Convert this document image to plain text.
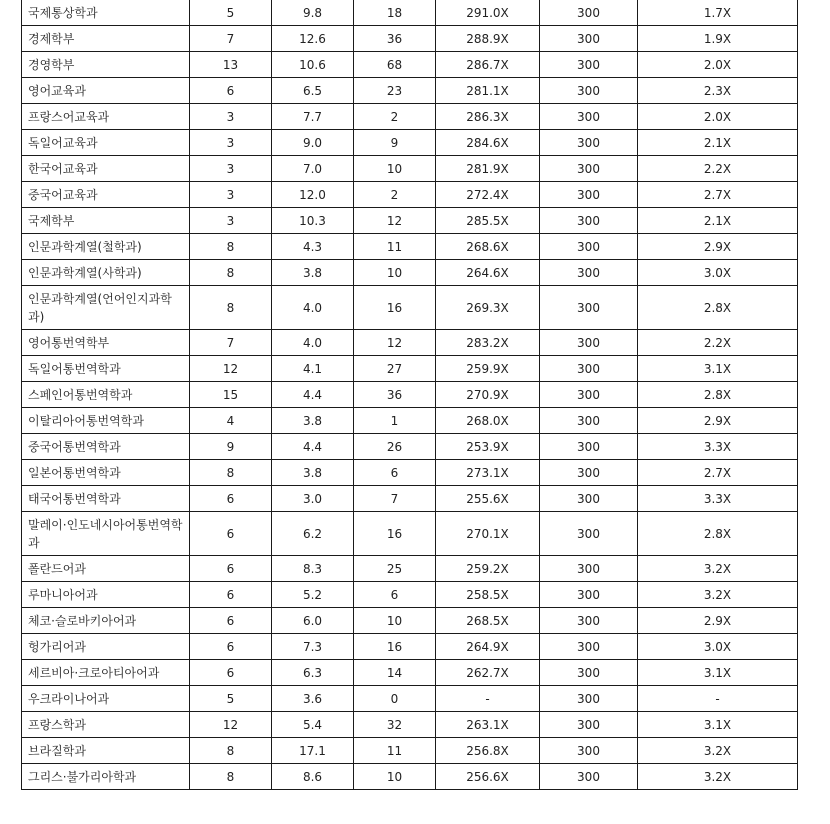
국제통상학과	5	9.8	18	291.0X	300	1.7X
경제학부	7	12.6	36	288.9X	300	1.9X
경영학부	13	10.6	68	286.7X	300	2.0X
영어교육과	6	6.5	23	281.1X	300	2.3X
프랑스어교육과	3	7.7	2	286.3X	300	2.0X
독일어교육과	3	9.0	9	284.6X	300	2.1X
한국어교육과	3	7.0	10	281.9X	300	2.2X
중국어교육과	3	12.0	2	272.4X	300	2.7X
국제학부	3	10.3	12	285.5X	300	2.1X
인문과학계열(철학과)	8	4.3	11	268.6X	300	2.9X
인문과학계열(사학과)	8	3.8	10	264.6X	300	3.0X
인문과학계열(언어인지과학과)	8	4.0	16	269.3X	300	2.8X
영어통번역학부	7	4.0	12	283.2X	300	2.2X
독일어통번역학과	12	4.1	27	259.9X	300	3.1X
스페인어통번역학과	15	4.4	36	270.9X	300	2.8X
이탈리아어통번역학과	4	3.8	1	268.0X	300	2.9X
중국어통번역학과	9	4.4	26	253.9X	300	3.3X
일본어통번역학과	8	3.8	6	273.1X	300	2.7X
태국어통번역학과	6	3.0	7	255.6X	300	3.3X
말레이·인도네시아어통번역학과	6	6.2	16	270.1X	300	2.8X
폴란드어과	6	8.3	25	259.2X	300	3.2X
루마니아어과	6	5.2	6	258.5X	300	3.2X
체코·슬로바키아어과	6	6.0	10	268.5X	300	2.9X
헝가리어과	6	7.3	16	264.9X	300	3.0X
세르비아·크로아티아어과	6	6.3	14	262.7X	300	3.1X
우크라이나어과	5	3.6	0	-	300	-
프랑스학과	12	5.4	32	263.1X	300	3.1X
브라질학과	8	17.1	11	256.8X	300	3.2X
그리스·불가리아학과	8	8.6	10	256.6X	300	3.2X
